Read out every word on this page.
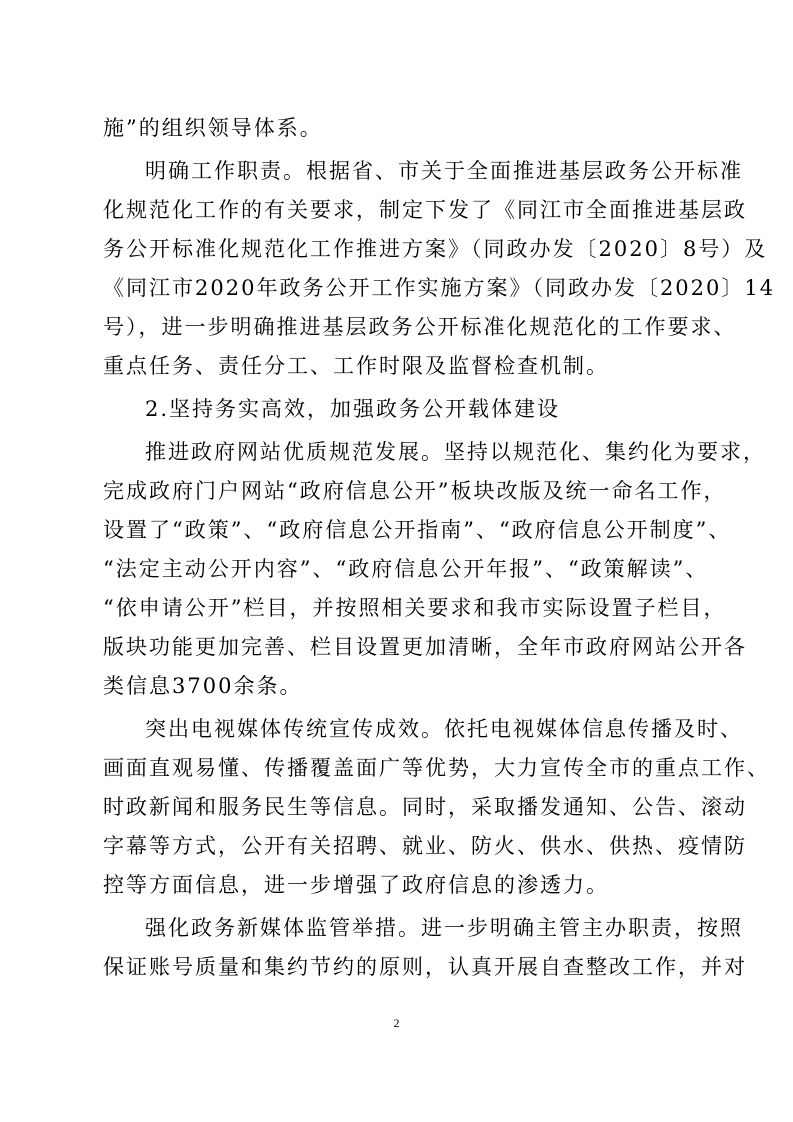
施”的组织领导体系。
明确工作职责。根据省、市关于全面推进基层政务公开标准
化规范化工作的有关要求，制定下发了《同江市全面推进基层政
务公开标准化规范化工作推进方案》（同政办发〔2020〕8号）及
《同江市2020年政务公开工作实施方案》（同政办发〔2020〕14
号），进一步明确推进基层政务公开标准化规范化的工作要求、
重点任务、责任分工、工作时限及监督检查机制。
2.坚持务实高效，加强政务公开载体建设
推进政府网站优质规范发展。坚持以规范化、集约化为要求，
完成政府门户网站“政府信息公开”板块改版及统一命名工作，
设置了“政策”、“政府信息公开指南”、“政府信息公开制度”、
“法定主动公开内容”、“政府信息公开年报”、“政策解读”、
“依申请公开”栏目，并按照相关要求和我市实际设置子栏目，
版块功能更加完善、栏目设置更加清晰，全年市政府网站公开各
类信息3700余条。
突出电视媒体传统宣传成效。依托电视媒体信息传播及时、
画面直观易懂、传播覆盖面广等优势，大力宣传全市的重点工作、
时政新闻和服务民生等信息。同时，采取播发通知、公告、滚动
字幕等方式，公开有关招聘、就业、防火、供水、供热、疫情防
控等方面信息，进一步增强了政府信息的渗透力。
强化政务新媒体监管举措。进一步明确主管主办职责，按照
保证账号质量和集约节约的原则，认真开展自查整改工作，并对
2
